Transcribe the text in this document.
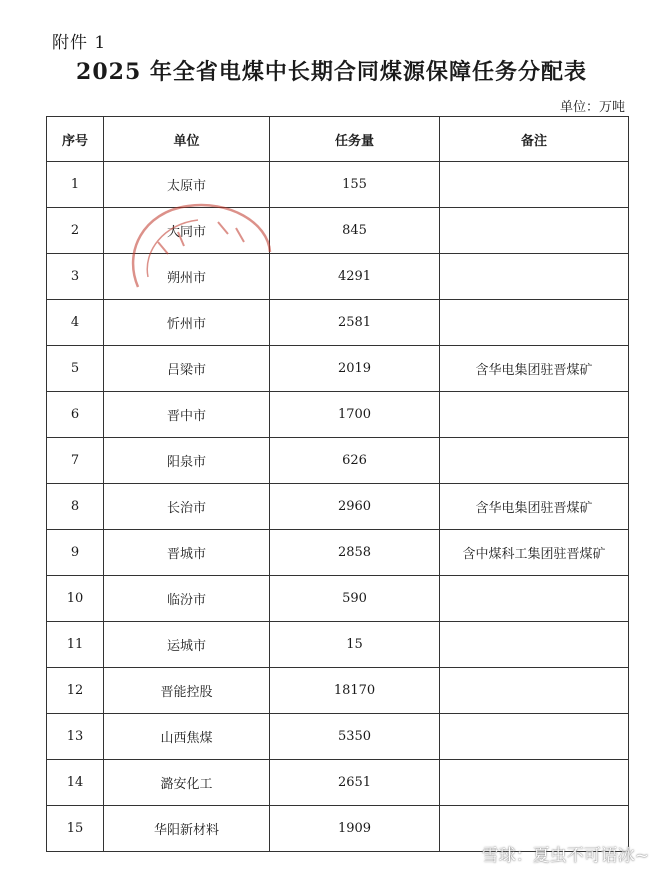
附件 1
2025 年全省电煤中长期合同煤源保障任务分配表
单位：万吨
序号	单位	任务量	备注
1	太原市	155	
2	大同市	845	
3	朔州市	4291	
4	忻州市	2581	
5	吕梁市	2019	含华电集团驻晋煤矿
6	晋中市	1700	
7	阳泉市	626	
8	长治市	2960	含华电集团驻晋煤矿
9	晋城市	2858	含中煤科工集团驻晋煤矿
10	临汾市	590	
11	运城市	15	
12	晋能控股	18170	
13	山西焦煤	5350	
14	潞安化工	2651	
15	华阳新材料	1909	
雪球：夏虫不可语冰~
